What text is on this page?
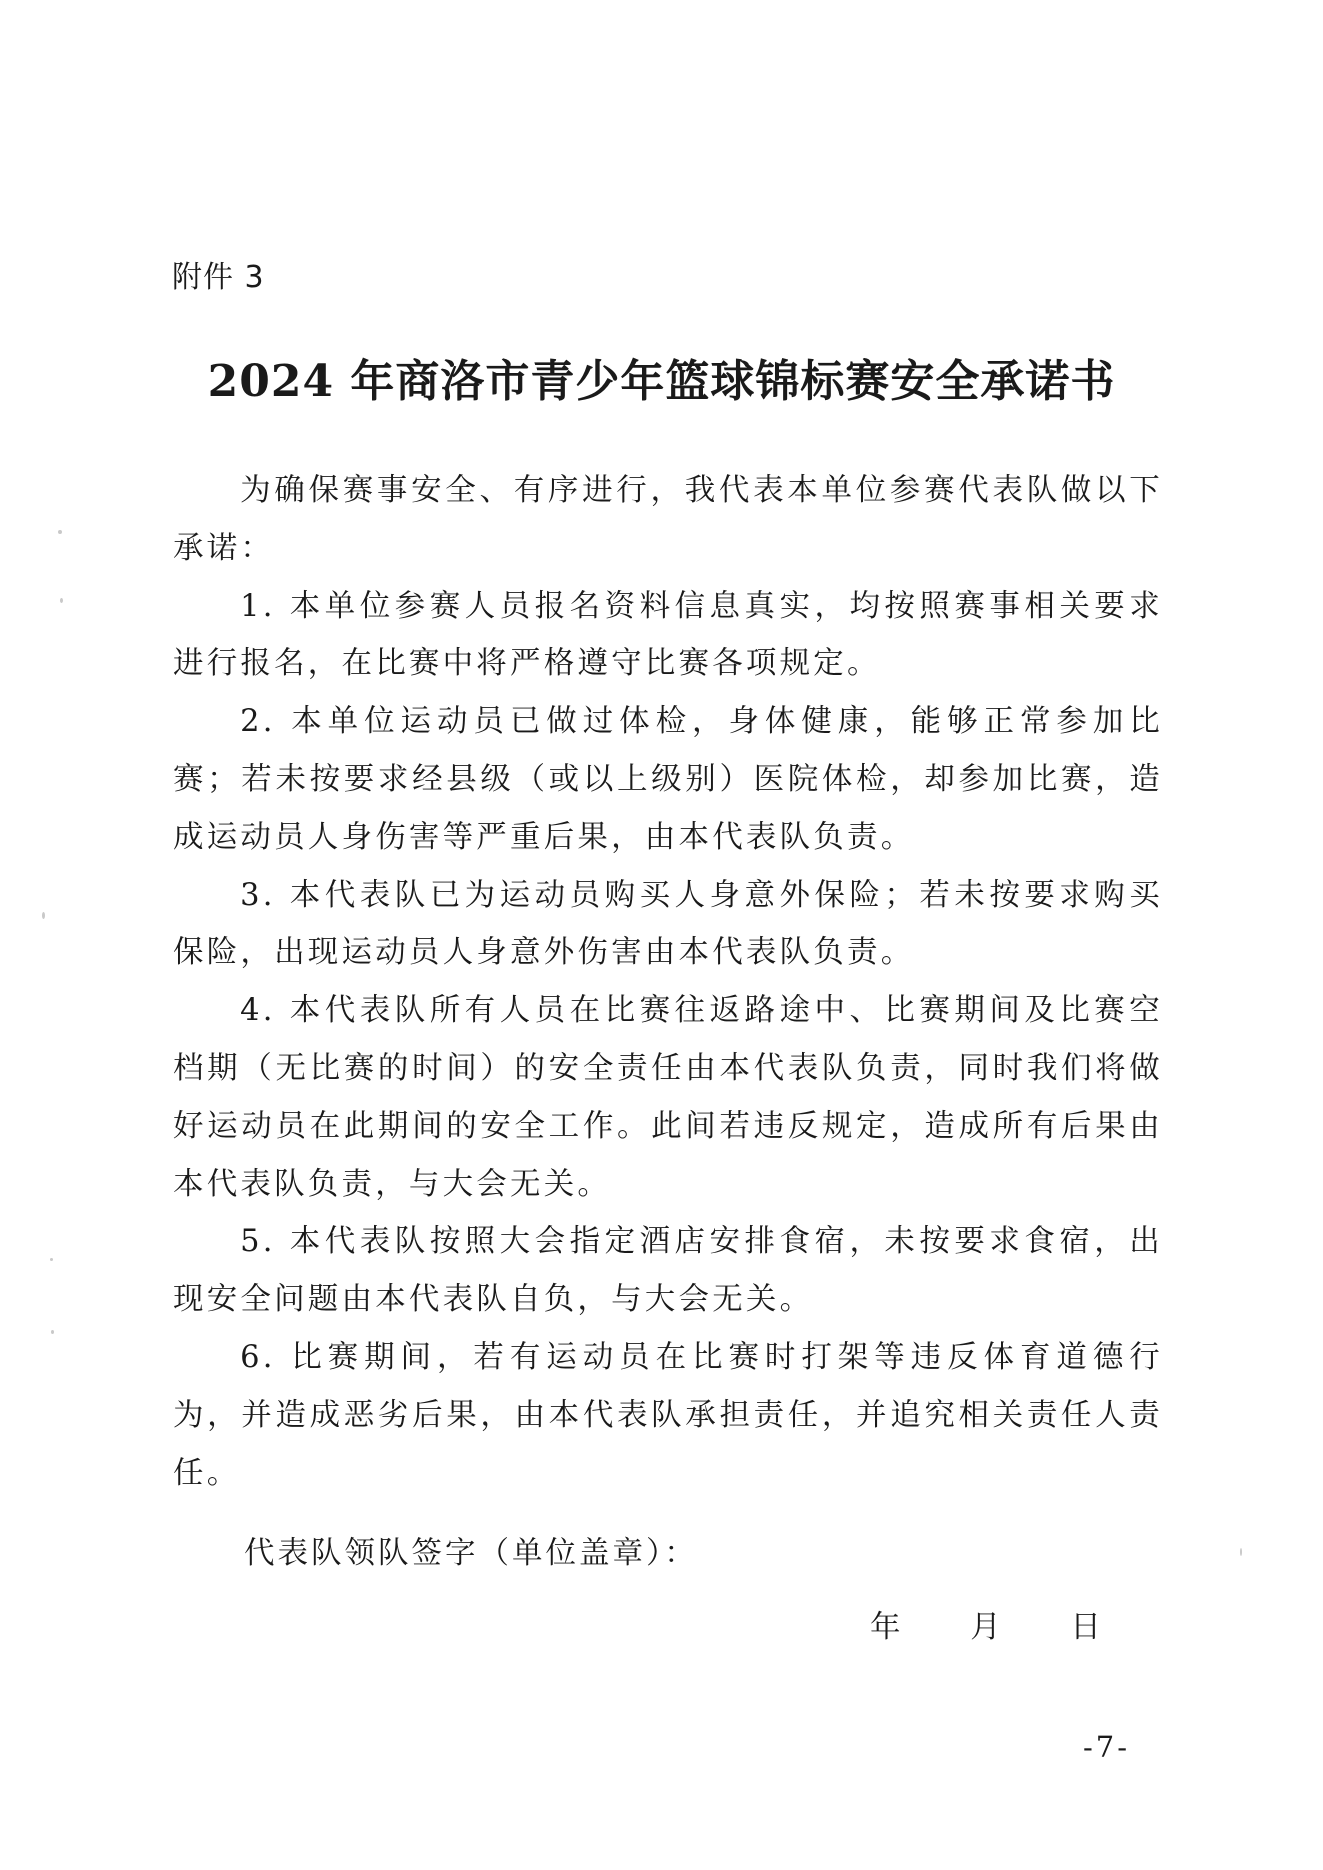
附件 3
2024 年商洛市青少年篮球锦标赛安全承诺书

为确保赛事安全、有序进行，我代表本单位参赛代表队做以下承诺：

1. 本单位参赛人员报名资料信息真实，均按照赛事相关要求进行报名，在比赛中将严格遵守比赛各项规定。

2. 本单位运动员已做过体检，身体健康，能够正常参加比赛；若未按要求经县级（或以上级别）医院体检，却参加比赛，造成运动员人身伤害等严重后果，由本代表队负责。

3. 本代表队已为运动员购买人身意外保险；若未按要求购买保险，出现运动员人身意外伤害由本代表队负责。

4. 本代表队所有人员在比赛往返路途中、比赛期间及比赛空档期（无比赛的时间）的安全责任由本代表队负责，同时我们将做好运动员在此期间的安全工作。此间若违反规定，造成所有后果由本代表队负责，与大会无关。

5. 本代表队按照大会指定酒店安排食宿，未按要求食宿，出现安全问题由本代表队自负，与大会无关。

6. 比赛期间，若有运动员在比赛时打架等违反体育道德行为，并造成恶劣后果，由本代表队承担责任，并追究相关责任人责任。

代表队领队签字（单位盖章）：
年 月 日
-7-
